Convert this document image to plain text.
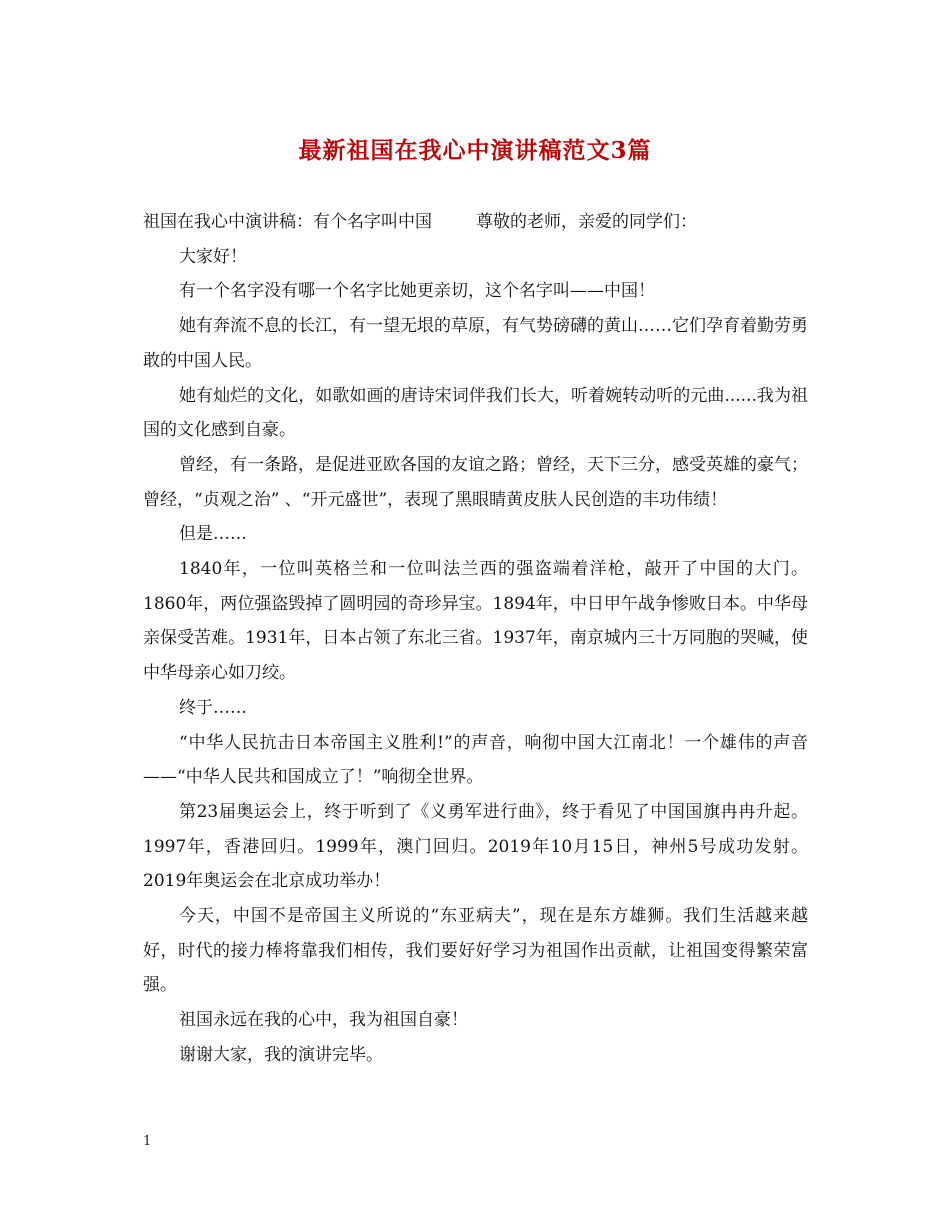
最新祖国在我心中演讲稿范文3篇

祖国在我心中演讲稿：有个名字叫中国	尊敬的老师，亲爱的同学们：

大家好！

有一个名字没有哪一个名字比她更亲切，这个名字叫——中国！

她有奔流不息的长江，有一望无垠的草原，有气势磅礴的黄山……它们孕育着勤劳勇敢的中国人民。

她有灿烂的文化，如歌如画的唐诗宋词伴我们长大，听着婉转动听的元曲......我为祖国的文化感到自豪。

曾经，有一条路，是促进亚欧各国的友谊之路；曾经，天下三分，感受英雄的豪气；曾经，“贞观之治” 、“开元盛世”，表现了黑眼睛黄皮肤人民创造的丰功伟绩！

但是……

1840年，一位叫英格兰和一位叫法兰西的强盗端着洋枪，敲开了中国的大门。1860年，两位强盗毁掉了圆明园的奇珍异宝。1894年，中日甲午战争惨败日本。中华母亲保受苦难。1931年，日本占领了东北三省。1937年，南京城内三十万同胞的哭喊，使中华母亲心如刀绞。

终于……

“中华人民抗击日本帝国主义胜利!”的声音，响彻中国大江南北！一个雄伟的声音——“中华人民共和国成立了！”响彻全世界。

第23届奥运会上，终于听到了《义勇军进行曲》，终于看见了中国国旗冉冉升起。1997年，香港回归。1999年，澳门回归。2019年10月15日，神州5号成功发射。2019年奥运会在北京成功举办！

今天，中国不是帝国主义所说的“东亚病夫”，现在是东方雄狮。我们生活越来越好，时代的接力棒将靠我们相传，我们要好好学习为祖国作出贡献，让祖国变得繁荣富强。

祖国永远在我的心中，我为祖国自豪！

谢谢大家，我的演讲完毕。

1
